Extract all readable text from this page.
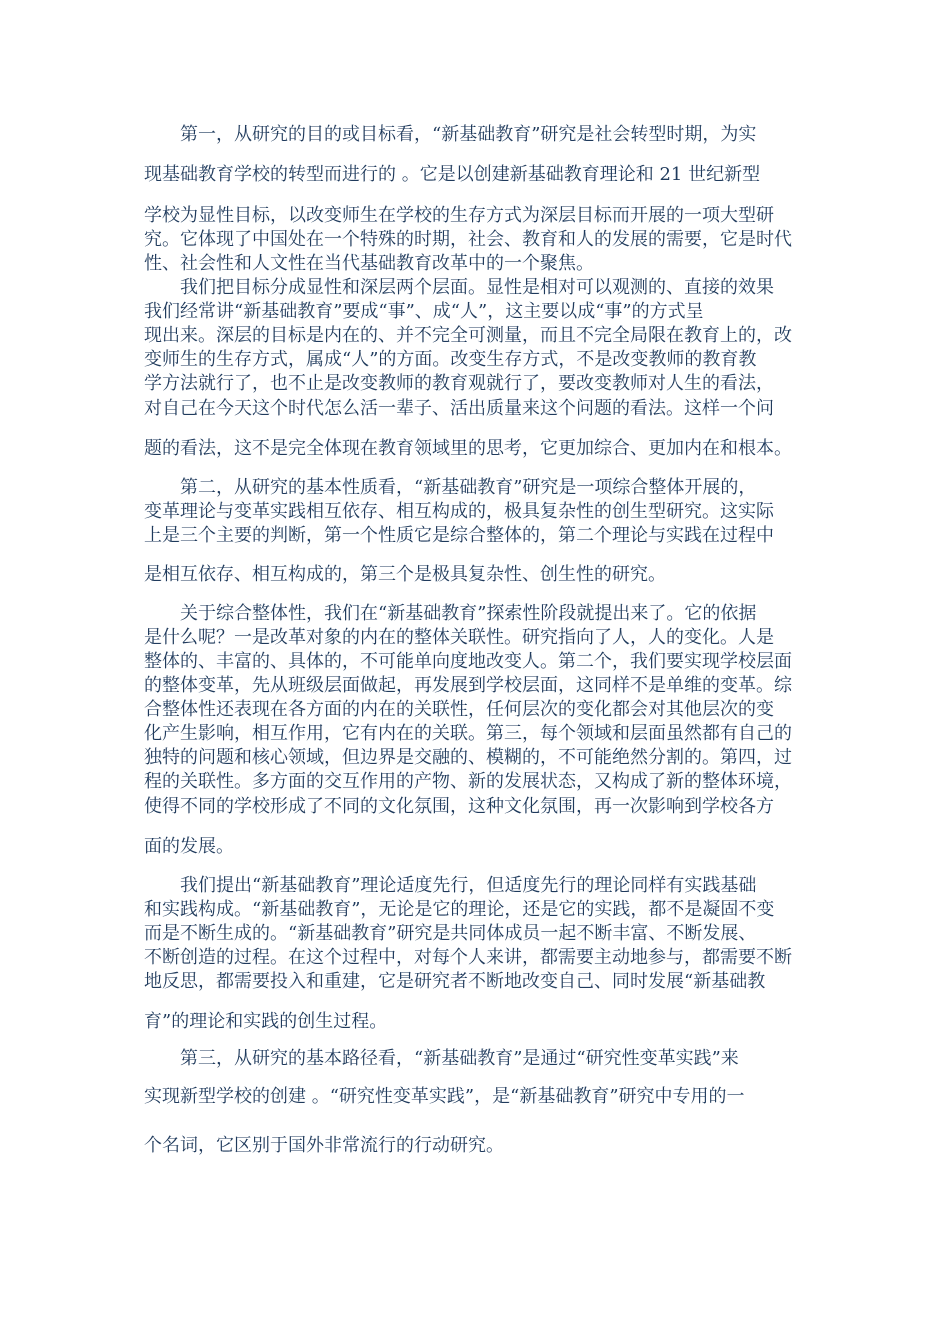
第一，从研究的目的或目标看，“新基础教育”研究是社会转型时期，为实

现基础教育学校的转型而进行的 。它是以创建新基础教育理论和 21 世纪新型

学校为显性目标，以改变师生在学校的生存方式为深层目标而开展的一项大型研

究。它体现了中国处在一个特殊的时期，社会、教育和人的发展的需要，它是时代

性、社会性和人文性在当代基础教育改革中的一个聚焦。

我们把目标分成显性和深层两个层面。显性是相对可以观测的、直接的效果

我们经常讲“新基础教育”要成“事”、成“人”，这主要以成“事”的方式呈

现出来。深层的目标是内在的、并不完全可测量，而且不完全局限在教育上的，改

变师生的生存方式，属成“人”的方面。改变生存方式，不是改变教师的教育教

学方法就行了，也不止是改变教师的教育观就行了，要改变教师对人生的看法，

对自己在今天这个时代怎么活一辈子、活出质量来这个问题的看法。这样一个问

题的看法，这不是完全体现在教育领域里的思考，它更加综合、更加内在和根本。

第二，从研究的基本性质看，“新基础教育”研究是一项综合整体开展的，

变革理论与变革实践相互依存、相互构成的，极具复杂性的创生型研究。这实际

上是三个主要的判断，第一个性质它是综合整体的，第二个理论与实践在过程中

是相互依存、相互构成的，第三个是极具复杂性、创生性的研究。

关于综合整体性，我们在“新基础教育”探索性阶段就提出来了。它的依据

是什么呢？一是改革对象的内在的整体关联性。研究指向了人，人的变化。人是

整体的、丰富的、具体的，不可能单向度地改变人。第二个，我们要实现学校层面

的整体变革，先从班级层面做起，再发展到学校层面，这同样不是单维的变革。综

合整体性还表现在各方面的内在的关联性，任何层次的变化都会对其他层次的变

化产生影响，相互作用，它有内在的关联。第三，每个领域和层面虽然都有自己的

独特的问题和核心领域，但边界是交融的、模糊的，不可能绝然分割的。第四，过

程的关联性。多方面的交互作用的产物、新的发展状态，又构成了新的整体环境，

使得不同的学校形成了不同的文化氛围，这种文化氛围，再一次影响到学校各方

面的发展。

我们提出“新基础教育”理论适度先行，但适度先行的理论同样有实践基础

和实践构成。“新基础教育”，无论是它的理论，还是它的实践，都不是凝固不变

而是不断生成的。“新基础教育”研究是共同体成员一起不断丰富、不断发展、

不断创造的过程。在这个过程中，对每个人来讲，都需要主动地参与，都需要不断

地反思，都需要投入和重建，它是研究者不断地改变自己、同时发展“新基础教

育”的理论和实践的创生过程。

第三，从研究的基本路径看，“新基础教育”是通过“研究性变革实践”来

实现新型学校的创建 。“研究性变革实践”，是“新基础教育”研究中专用的一

个名词，它区别于国外非常流行的行动研究。
